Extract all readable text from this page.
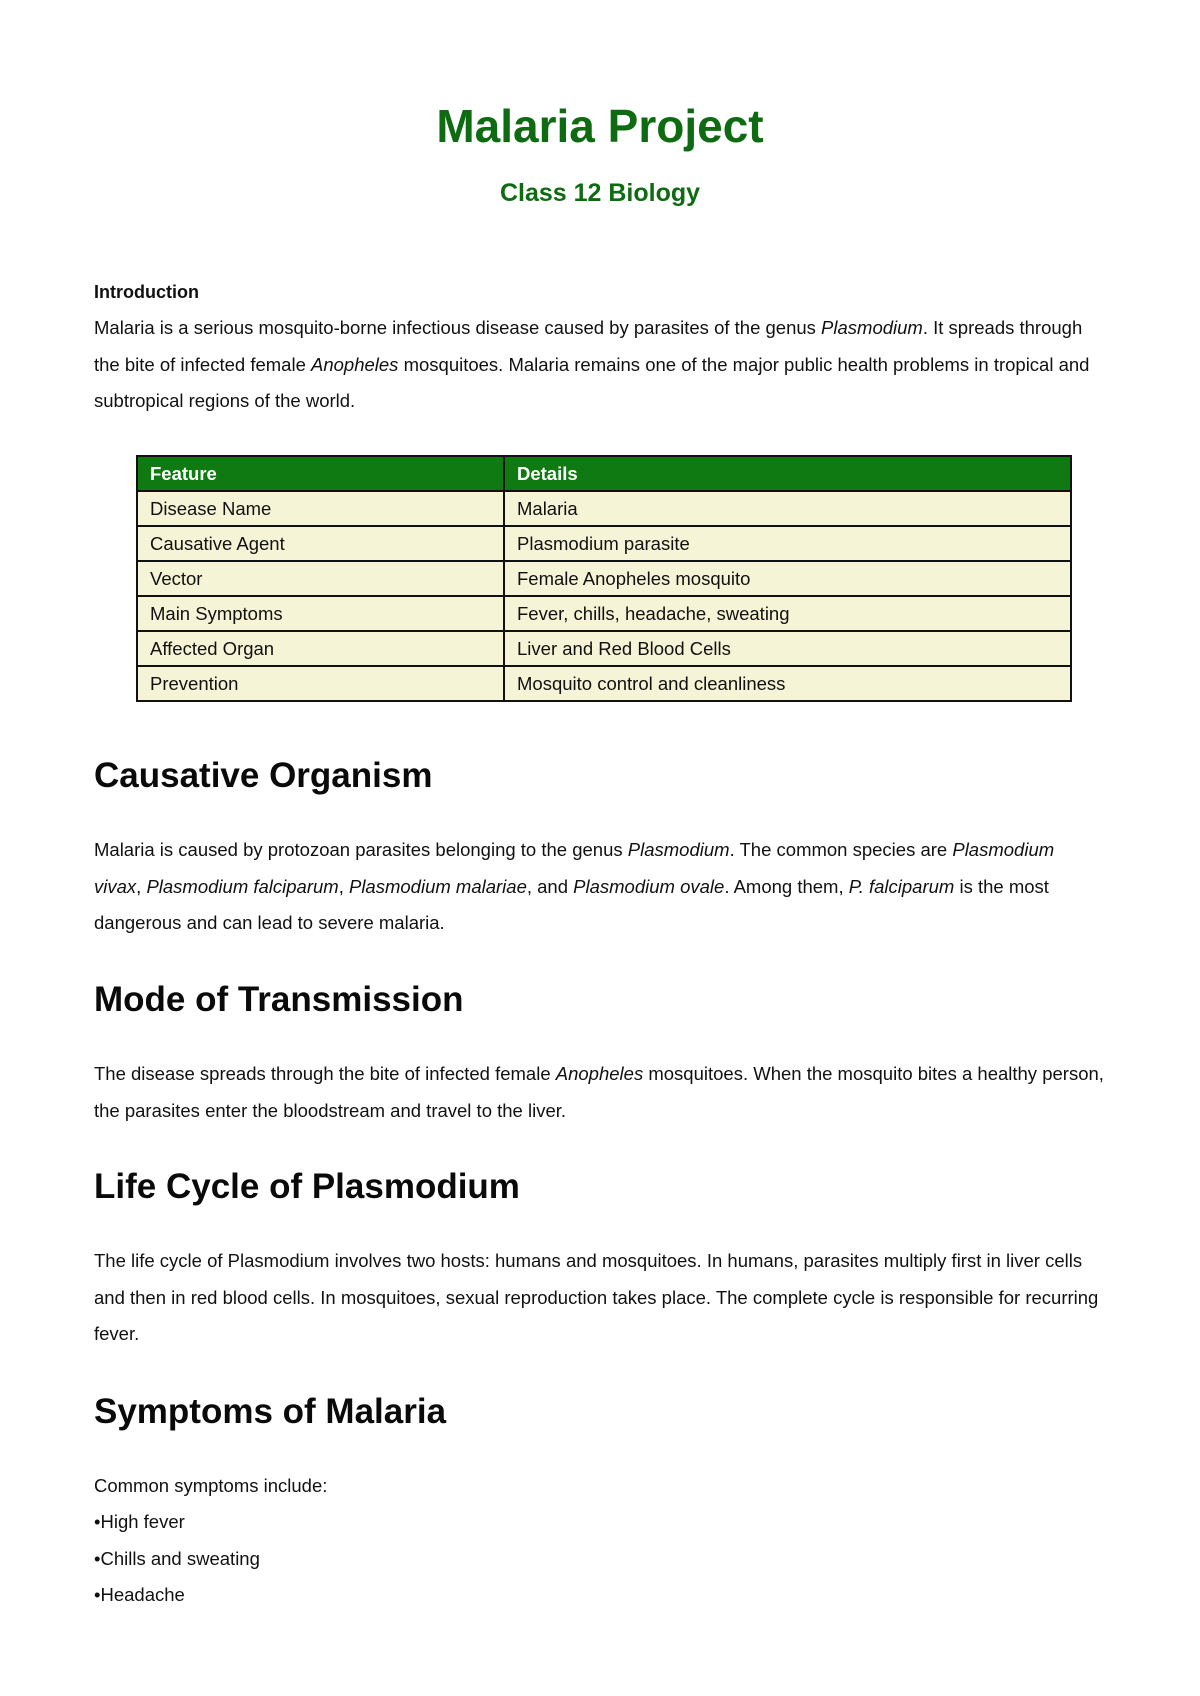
Malaria Project
Class 12 Biology
Introduction

Malaria is a serious mosquito-borne infectious disease caused by parasites of the genus Plasmodium. It spreads through the bite of infected female Anopheles mosquitoes. Malaria remains one of the major public health problems in tropical and subtropical regions of the world.

Feature	Details
Disease Name	Malaria
Causative Agent	Plasmodium parasite
Vector	Female Anopheles mosquito
Main Symptoms	Fever, chills, headache, sweating
Affected Organ	Liver and Red Blood Cells
Prevention	Mosquito control and cleanliness
Causative Organism

Malaria is caused by protozoan parasites belonging to the genus Plasmodium. The common species are Plasmodium vivax, Plasmodium falciparum, Plasmodium malariae, and Plasmodium ovale. Among them, P. falciparum is the most dangerous and can lead to severe malaria.

Mode of Transmission

The disease spreads through the bite of infected female Anopheles mosquitoes. When the mosquito bites a healthy person, the parasites enter the bloodstream and travel to the liver.

Life Cycle of Plasmodium

The life cycle of Plasmodium involves two hosts: humans and mosquitoes. In humans, parasites multiply first in liver cells and then in red blood cells. In mosquitoes, sexual reproduction takes place. The complete cycle is responsible for recurring fever.

Symptoms of Malaria

Common symptoms include:

• High fever
• Chills and sweating
• Headache
